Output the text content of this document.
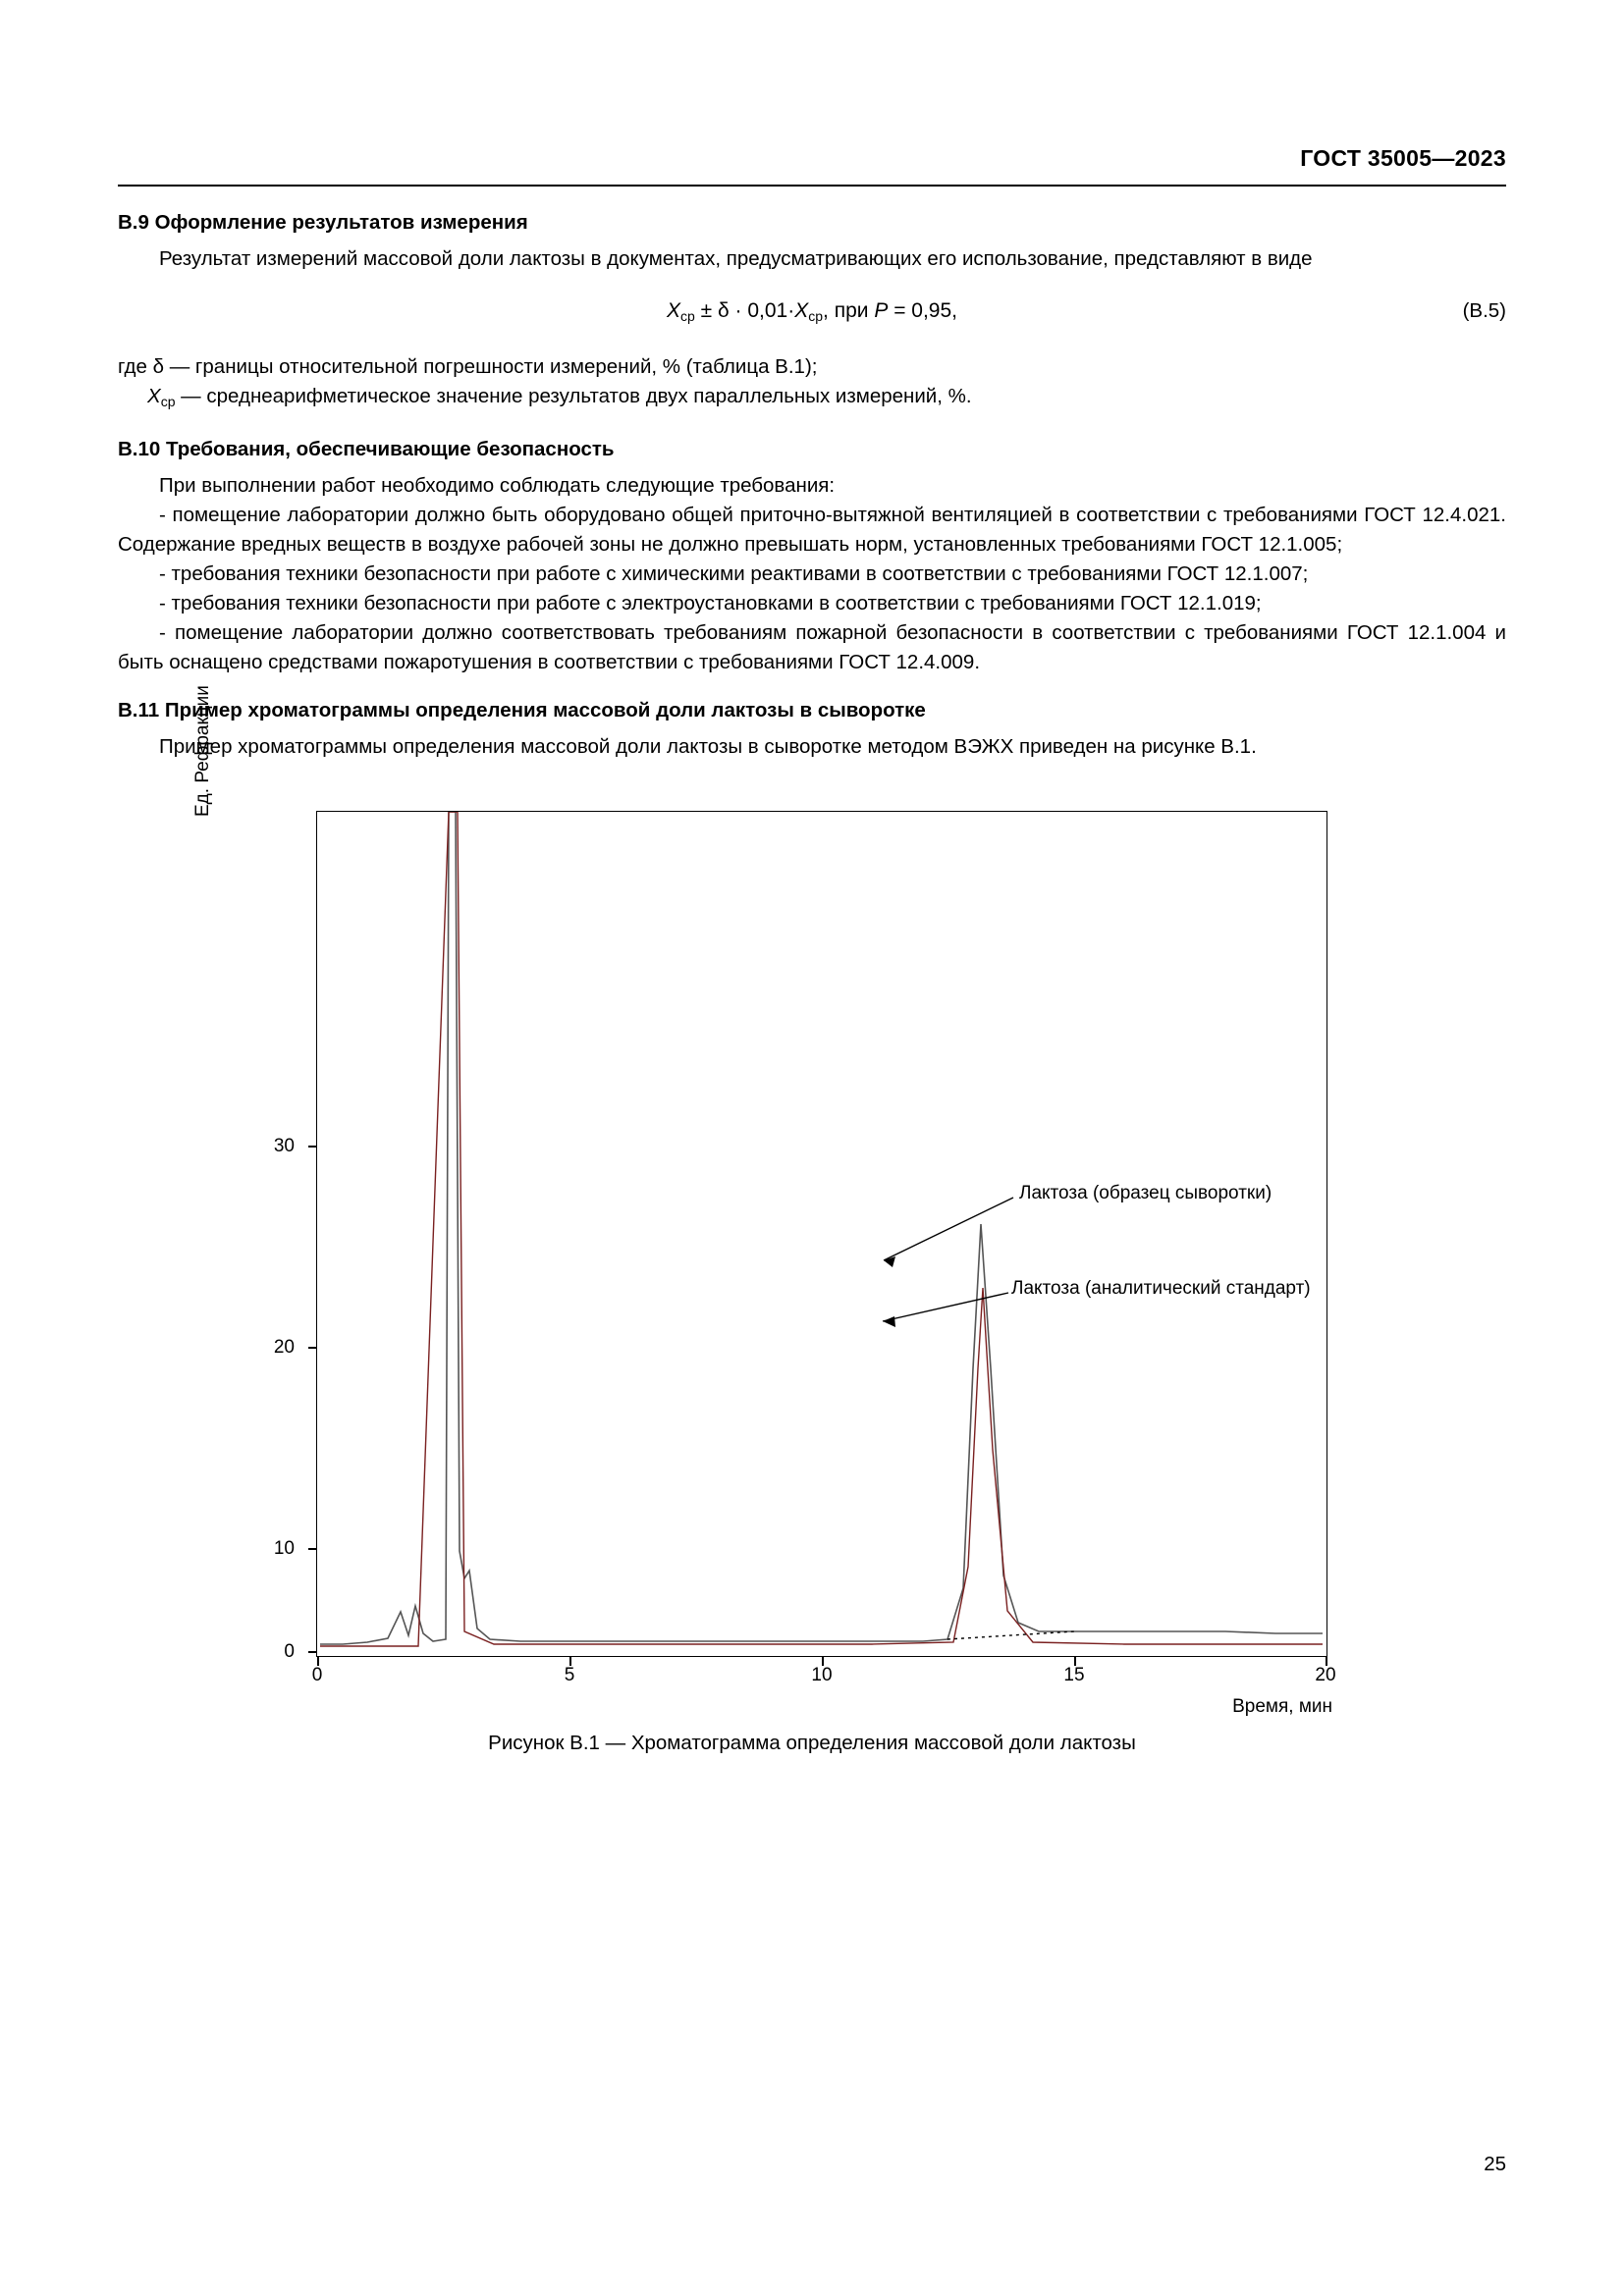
ГОСТ 35005—2023
В.9 Оформление результатов измерения

Результат измерений массовой доли лактозы в документах, предусматривающих его использование, представляют в виде

$X_{ср} \pm \delta \cdot 0,01\cdot X_{ср}$, при P = 0,95,	(В.5)
где δ — границы относительной погрешности измерений, % (таблица В.1);
$X_{ср}$ — среднеарифметическое значение результатов двух параллельных измерений, %.
В.10 Требования, обеспечивающие безопасность

При выполнении работ необходимо соблюдать следующие требования:

- помещение лаборатории должно быть оборудовано общей приточно-вытяжной вентиляцией в соответствии с требованиями ГОСТ 12.4.021. Содержание вредных веществ в воздухе рабочей зоны не должно превышать норм, установленных требованиями ГОСТ 12.1.005;

- требования техники безопасности при работе с химическими реактивами в соответствии с требованиями ГОСТ 12.1.007;

- требования техники безопасности при работе с электроустановками в соответствии с требованиями ГОСТ 12.1.019;

- помещение лаборатории должно соответствовать требованиям пожарной безопасности в соответствии с требованиями ГОСТ 12.1.004 и быть оснащено средствами пожаротушения в соответствии с требованиями ГОСТ 12.4.009.

В.11 Пример хроматограммы определения массовой доли лактозы в сыворотке

Пример хроматограммы определения массовой доли лактозы в сыворотке методом ВЭЖХ приведен на рисунке В.1.

Ед. Рефракции
30
20
10
0
0	5	10	15	20
Время, мин
Лактоза (образец сыворотки)
Лактоза (аналитический стандарт)
Рисунок В.1 — Хроматограмма определения массовой доли лактозы
25
